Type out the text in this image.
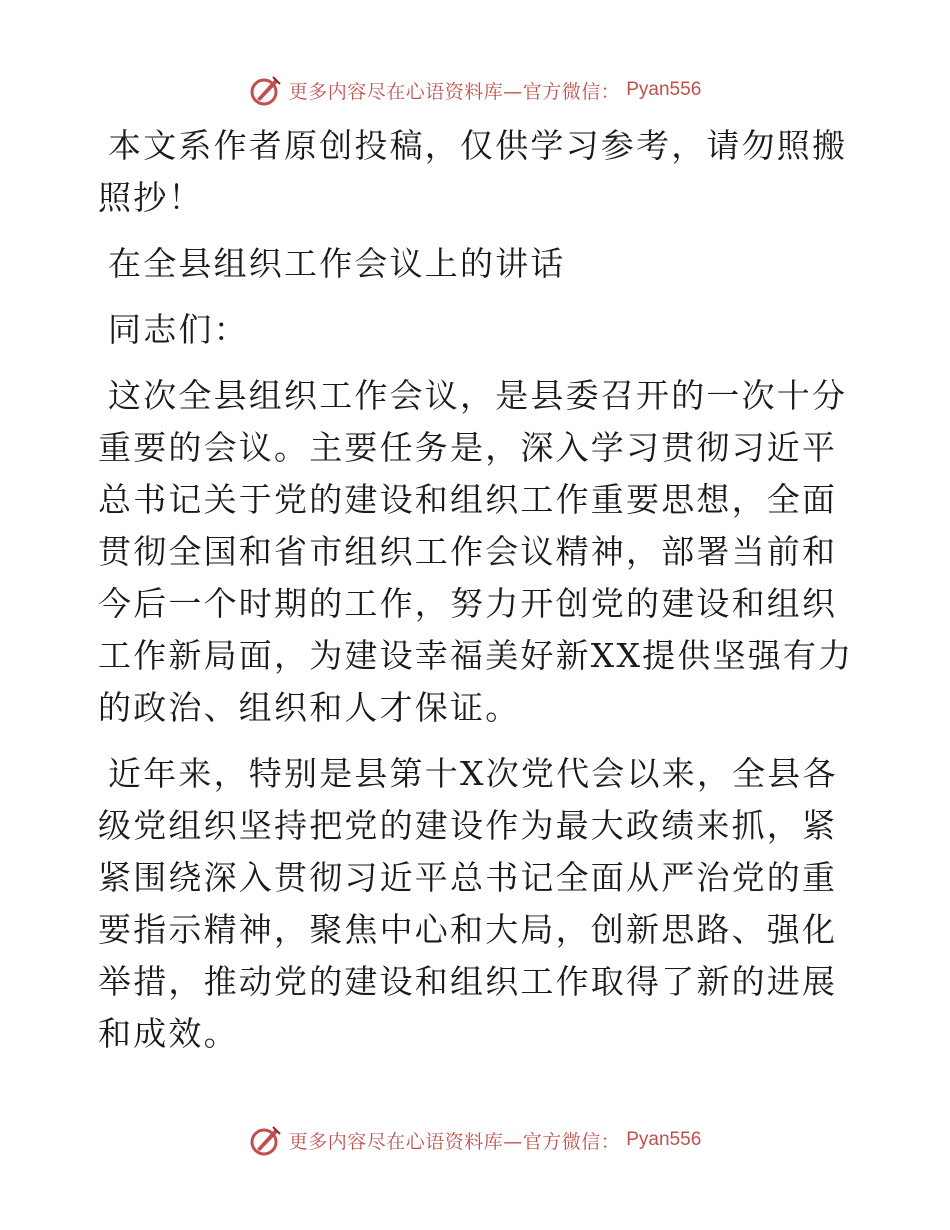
更多内容尽在心语资料库—官方微信： Pyan556

本文系作者原创投稿，仅供学习参考，请勿照搬照抄！

在全县组织工作会议上的讲话

同志们：

这次全县组织工作会议，是县委召开的一次十分重要的会议。主要任务是，深入学习贯彻习近平总书记关于党的建设和组织工作重要思想，全面贯彻全国和省市组织工作会议精神，部署当前和今后一个时期的工作，努力开创党的建设和组织工作新局面，为建设幸福美好新XX提供坚强有力的政治、组织和人才保证。

近年来，特别是县第十X次党代会以来，全县各级党组织坚持把党的建设作为最大政绩来抓，紧紧围绕深入贯彻习近平总书记全面从严治党的重要指示精神，聚焦中心和大局，创新思路、强化举措，推动党的建设和组织工作取得了新的进展和成效。

更多内容尽在心语资料库—官方微信： Pyan556
